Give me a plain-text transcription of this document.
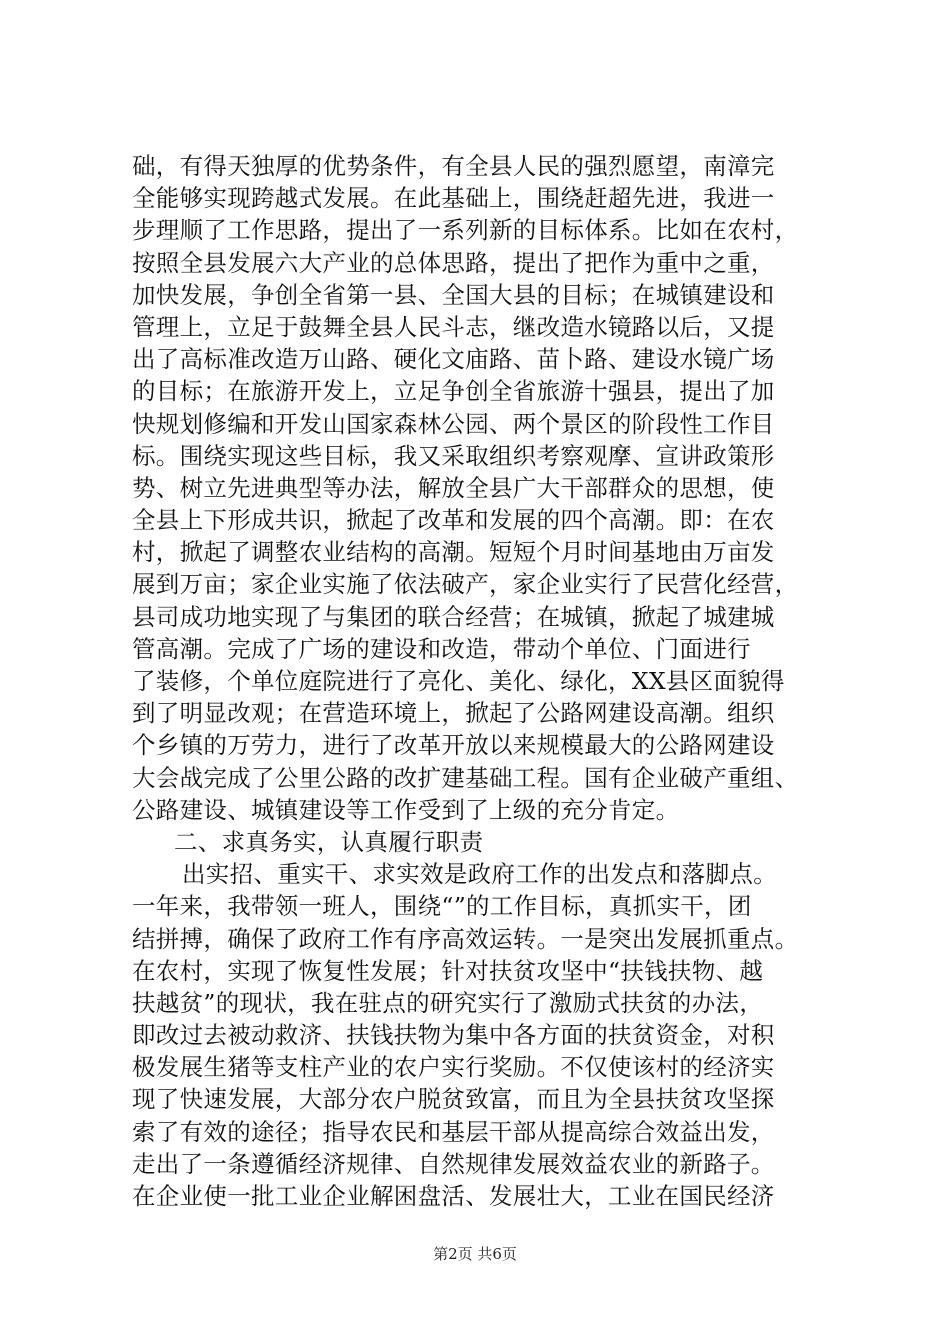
础，有得天独厚的优势条件，有全县人民的强烈愿望，南漳完
全能够实现跨越式发展。在此基础上，围绕赶超先进，我进一
步理顺了工作思路，提出了一系列新的目标体系。比如在农村，
按照全县发展六大产业的总体思路，提出了把作为重中之重，
加快发展，争创全省第一县、全国大县的目标；在城镇建设和
管理上，立足于鼓舞全县人民斗志，继改造水镜路以后，又提
出了高标准改造万山路、硬化文庙路、苗卜路、建设水镜广场
的目标；在旅游开发上，立足争创全省旅游十强县，提出了加
快规划修编和开发山国家森林公园、两个景区的阶段性工作目
标。围绕实现这些目标，我又采取组织考察观摩、宣讲政策形
势、树立先进典型等办法，解放全县广大干部群众的思想，使
全县上下形成共识，掀起了改革和发展的四个高潮。即：在农
村，掀起了调整农业结构的高潮。短短个月时间基地由万亩发
展到万亩；家企业实施了依法破产，家企业实行了民营化经营，
县司成功地实现了与集团的联合经营；在城镇，掀起了城建城
管高潮。完成了广场的建设和改造，带动个单位、门面进行
了装修，个单位庭院进行了亮化、美化、绿化，XX县区面貌得
到了明显改观；在营造环境上，掀起了公路网建设高潮。组织
个乡镇的万劳力，进行了改革开放以来规模最大的公路网建设
大会战完成了公里公路的改扩建基础工程。国有企业破产重组、
公路建设、城镇建设等工作受到了上级的充分肯定。
二、求真务实，认真履行职责
出实招、重实干、求实效是政府工作的出发点和落脚点。
一年来，我带领一班人，围绕“”的工作目标，真抓实干，团
结拼搏，确保了政府工作有序高效运转。一是突出发展抓重点。
在农村，实现了恢复性发展；针对扶贫攻坚中“扶钱扶物、越
扶越贫”的现状，我在驻点的研究实行了激励式扶贫的办法，
即改过去被动救济、扶钱扶物为集中各方面的扶贫资金，对积
极发展生猪等支柱产业的农户实行奖励。不仅使该村的经济实
现了快速发展，大部分农户脱贫致富，而且为全县扶贫攻坚探
索了有效的途径；指导农民和基层干部从提高综合效益出发，
走出了一条遵循经济规律、自然规律发展效益农业的新路子。
在企业使一批工业企业解困盘活、发展壮大，工业在国民经济
第2页 共6页
